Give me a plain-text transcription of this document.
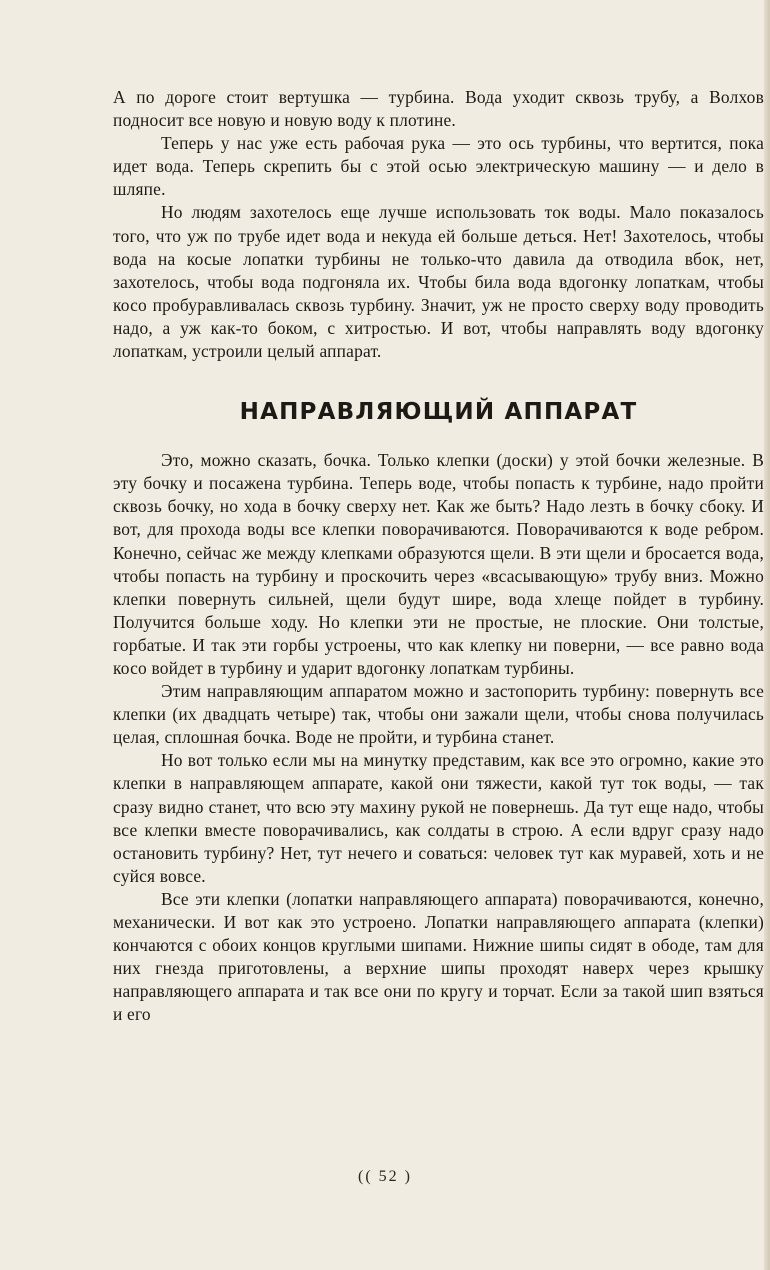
А по дороге стоит вертушка — турбина. Вода уходит сквозь трубу, а Волхов подносит все новую и новую воду к плотине.

Теперь у нас уже есть рабочая рука — это ось турбины, что вертится, пока идет вода. Теперь скрепить бы с этой осью электрическую машину — и дело в шляпе.

Но людям захотелось еще лучше использовать ток воды. Мало показалось того, что уж по трубе идет вода и некуда ей больше деться. Нет! Захотелось, чтобы вода на косые лопатки турбины не только-что давила да отводила вбок, нет, захотелось, чтобы вода подгоняла их. Чтобы била вода вдогонку лопаткам, чтобы косо пробуравливалась сквозь турбину. Значит, уж не просто сверху воду проводить надо, а уж как-то боком, с хитростью. И вот, чтобы направлять воду вдогонку лопаткам, устроили целый аппарат.

НАПРАВЛЯЮЩИЙ АППАРАТ

Это, можно сказать, бочка. Только клепки (доски) у этой бочки железные. В эту бочку и посажена турбина. Теперь воде, чтобы попасть к турбине, надо пройти сквозь бочку, но хода в бочку сверху нет. Как же быть? Надо лезть в бочку сбоку. И вот, для прохода воды все клепки поворачиваются. Поворачиваются к воде ребром. Конечно, сейчас же между клепками образуются щели. В эти щели и бросается вода, чтобы попасть на турбину и проскочить через «всасывающую» трубу вниз. Можно клепки повернуть сильней, щели будут шире, вода хлеще пойдет в турбину. Получится больше ходу. Но клепки эти не простые, не плоские. Они толстые, горбатые. И так эти горбы устроены, что как клепку ни поверни, — все равно вода косо войдет в турбину и ударит вдогонку лопаткам турбины.

Этим направляющим аппаратом можно и застопорить турбину: повернуть все клепки (их двадцать четыре) так, чтобы они зажали щели, чтобы снова получилась целая, сплошная бочка. Воде не пройти, и турбина станет.

Но вот только если мы на минутку представим, как все это огромно, какие это клепки в направляющем аппарате, какой они тяжести, какой тут ток воды, — так сразу видно станет, что всю эту махину рукой не повернешь. Да тут еще надо, чтобы все клепки вместе поворачивались, как солдаты в строю. А если вдруг сразу надо остановить турбину? Нет, тут нечего и соваться: человек тут как муравей, хоть и не суйся вовсе.

Все эти клепки (лопатки направляющего аппарата) поворачиваются, конечно, механически. И вот как это устроено. Лопатки направляющего аппарата (клепки) кончаются с обоих концов круглыми шипами. Нижние шипы сидят в ободе, там для них гнезда приготовлены, а верхние шипы проходят наверх через крышку направляющего аппарата и так все они по кругу и торчат. Если за такой шип взяться и его

(( 52 )
